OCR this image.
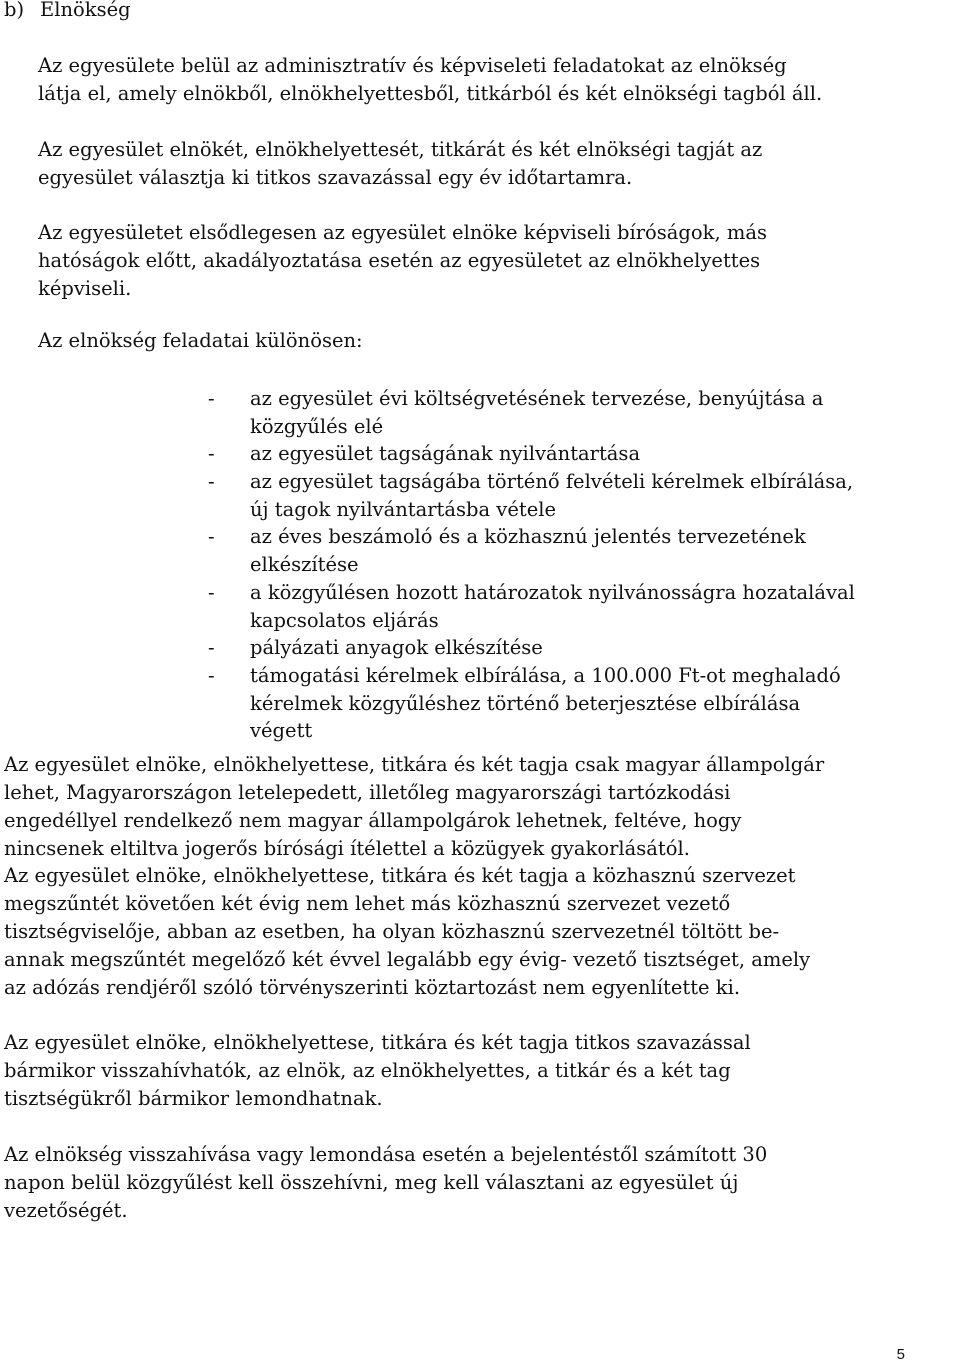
b) Elnökség

Az egyesülete belül az adminisztratív és képviseleti feladatokat az elnökség
látja el, amely elnökből, elnökhelyettesből, titkárból és két elnökségi tagból áll.

Az egyesület elnökét, elnökhelyettesét, titkárát és két elnökségi tagját az
egyesület választja ki titkos szavazással egy év időtartamra.

Az egyesületet elsődlegesen az egyesület elnöke képviseli bíróságok, más
hatóságok előtt, akadályoztatása esetén az egyesületet az elnökhelyettes
képviseli.

Az elnökség feladatai különösen:

- az egyesület évi költségvetésének tervezése, benyújtása a
közgyűlés elé
- az egyesület tagságának nyilvántartása
- az egyesület tagságába történő felvételi kérelmek elbírálása,
új tagok nyilvántartásba vétele
- az éves beszámoló és a közhasznú jelentés tervezetének
elkészítése
- a közgyűlésen hozott határozatok nyilvánosságra hozatalával
kapcsolatos eljárás
- pályázati anyagok elkészítése
- támogatási kérelmek elbírálása, a 100.000 Ft-ot meghaladó
kérelmek közgyűléshez történő beterjesztése elbírálása
végett

Az egyesület elnöke, elnökhelyettese, titkára és két tagja csak magyar állampolgár
lehet, Magyarországon letelepedett, illetőleg magyarországi tartózkodási
engedéllyel rendelkező nem magyar állampolgárok lehetnek, feltéve, hogy
nincsenek eltiltva jogerős bírósági ítélettel a közügyek gyakorlásától.

Az egyesület elnöke, elnökhelyettese, titkára és két tagja a közhasznú szervezet
megszűntét követően két évig nem lehet más közhasznú szervezet vezető
tisztségviselője, abban az esetben, ha olyan közhasznú szervezetnél töltött be-
annak megszűntét megelőző két évvel legalább egy évig- vezető tisztséget, amely
az adózás rendjéről szóló törvényszerinti köztartozást nem egyenlítette ki.

Az egyesület elnöke, elnökhelyettese, titkára és két tagja titkos szavazással
bármikor visszahívhatók, az elnök, az elnökhelyettes, a titkár és a két tag
tisztségükről bármikor lemondhatnak.

Az elnökség visszahívása vagy lemondása esetén a bejelentéstől számított 30
napon belül közgyűlést kell összehívni, meg kell választani az egyesület új
vezetőségét.

5
